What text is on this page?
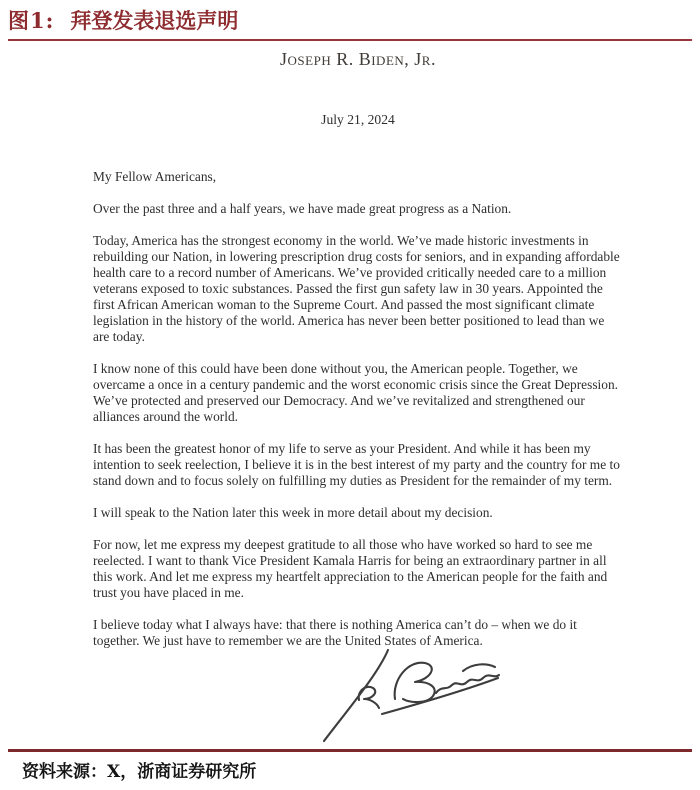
图1: 拜登发表退选声明
Joseph R. Biden, Jr.
July 21, 2024
My Fellow Americans,

Over the past three and a half years, we have made great progress as a Nation.

Today, America has the strongest economy in the world. We’ve made historic investments in rebuilding our Nation, in lowering prescription drug costs for seniors, and in expanding affordable health care to a record number of Americans. We’ve provided critically needed care to a million veterans exposed to toxic substances. Passed the first gun safety law in 30 years. Appointed the first African American woman to the Supreme Court. And passed the most significant climate legislation in the history of the world. America has never been better positioned to lead than we are today.

I know none of this could have been done without you, the American people. Together, we overcame a once in a century pandemic and the worst economic crisis since the Great Depression. We’ve protected and preserved our Democracy. And we’ve revitalized and strengthened our alliances around the world.

It has been the greatest honor of my life to serve as your President. And while it has been my intention to seek reelection, I believe it is in the best interest of my party and the country for me to stand down and to focus solely on fulfilling my duties as President for the remainder of my term.

I will speak to the Nation later this week in more detail about my decision.

For now, let me express my deepest gratitude to all those who have worked so hard to see me reelected. I want to thank Vice President Kamala Harris for being an extraordinary partner in all this work. And let me express my heartfelt appreciation to the American people for the faith and trust you have placed in me.

I believe today what I always have: that there is nothing America can’t do – when we do it together. We just have to remember we are the United States of America.

资料来源：X，浙商证券研究所
